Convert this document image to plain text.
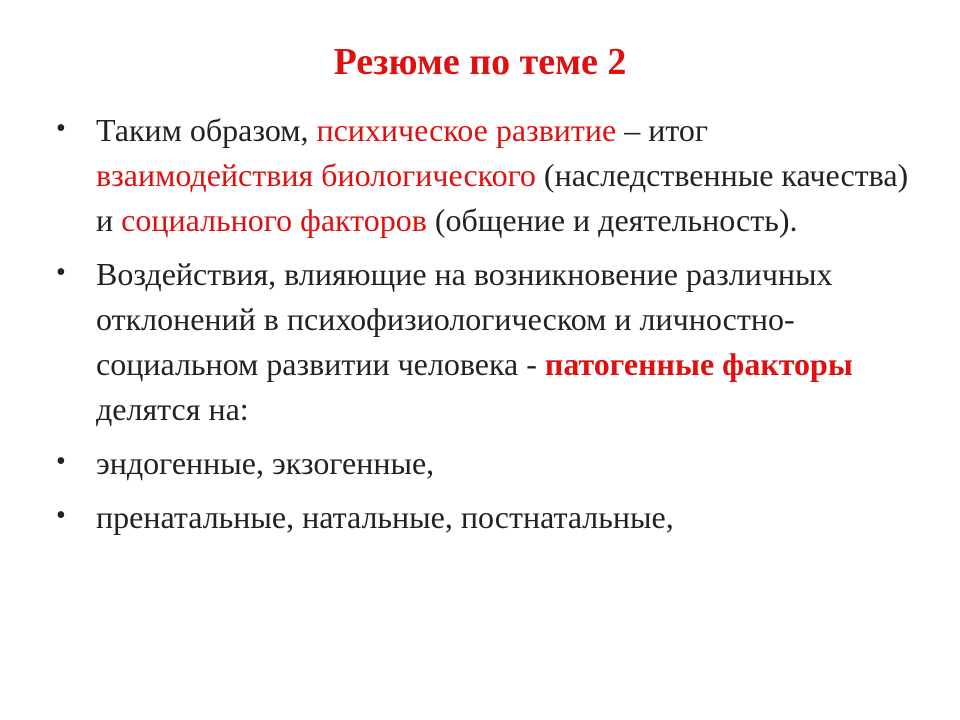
Резюме по теме 2
• Таким образом, психическое развитие – итог взаимодействия биологического (наследственные качества) и социального факторов (общение и деятельность).
• Воздействия, влияющие на возникновение различных отклонений в психофизиологическом и личностно-социальном развитии человека - патогенные факторы делятся на:
• эндогенные, экзогенные,
• пренатальные, натальные, постнатальные,
